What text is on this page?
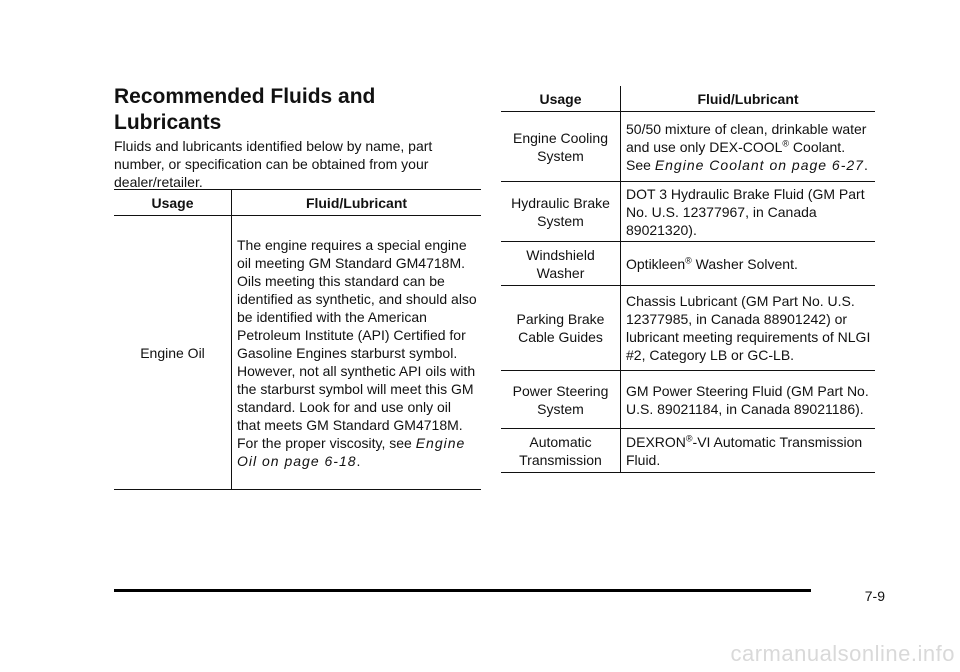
Recommended Fluids and Lubricants

Fluids and lubricants identified below by name, part number, or specification can be obtained from your dealer/retailer.

Usage	Fluid/Lubricant
Engine Oil	The engine requires a special engine oil meeting GM Standard GM4718M. Oils meeting this standard can be identified as synthetic, and should also be identified with the American Petroleum Institute (API) Certified for Gasoline Engines starburst symbol. However, not all synthetic API oils with the starburst symbol will meet this GM standard. Look for and use only oil that meets GM Standard GM4718M. For the proper viscosity, see Engine Oil on page 6-18.
Usage	Fluid/Lubricant
Engine Cooling System	50/50 mixture of clean, drinkable water and use only DEX-COOL® Coolant. See Engine Coolant on page 6-27.
Hydraulic Brake System	DOT 3 Hydraulic Brake Fluid (GM Part No. U.S. 12377967, in Canada 89021320).
Windshield Washer	Optikleen® Washer Solvent.
Parking Brake Cable Guides	Chassis Lubricant (GM Part No. U.S. 12377985, in Canada 88901242) or lubricant meeting requirements of NLGI #2, Category LB or GC-LB.
Power Steering System	GM Power Steering Fluid (GM Part No. U.S. 89021184, in Canada 89021186).
Automatic Transmission	DEXRON®-VI Automatic Transmission Fluid.
7-9
carmanualsonline.info
